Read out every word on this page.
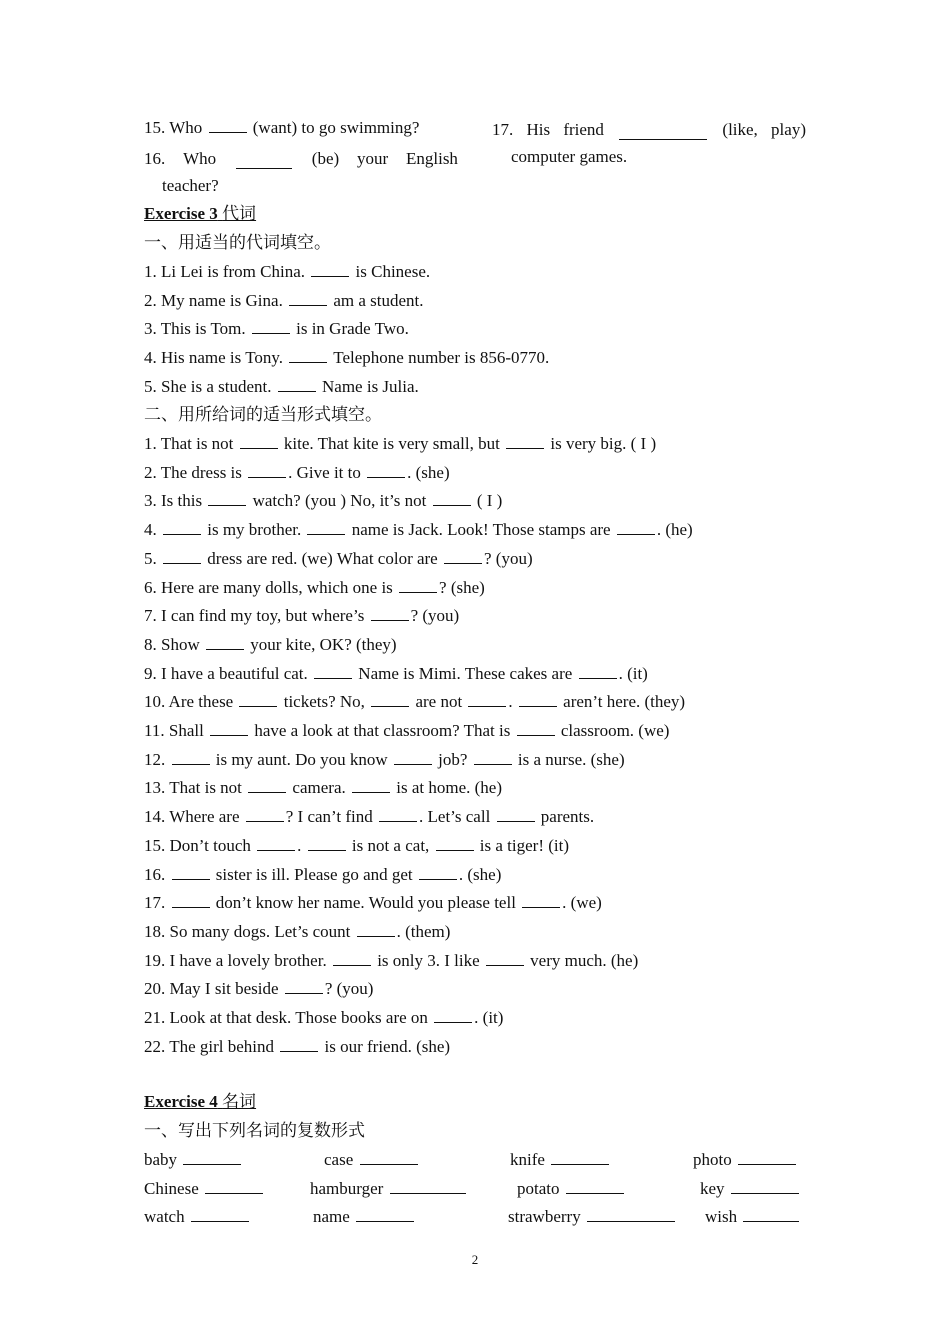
15. Who	(want) to go swimming?
16. Who	(be) your English
teacher?
17. His friend	(like, play)
computer games.
Exercise 3 代词
一、用适当的代词填空。
1. Li Lei is from China.	is Chinese.
2. My name is Gina.	am a student.
3. This is Tom.	is in Grade Two.
4. His name is Tony.	Telephone number is 856-0770.
5. She is a student.	Name is Julia.
二、用所给词的适当形式填空。
1. That is not	kite. That kite is very small, but	is very big. ( I )
2. The dress is	. Give it to	. (she)
3. Is this	watch? (you ) No, it’s not	( I )
4.	is my brother.	name is Jack. Look! Those stamps are	. (he)
5.	dress are red. (we) What color are	? (you)
6. Here are many dolls, which one is	? (she)
7. I can find my toy, but where’s	? (you)
8. Show	your kite, OK? (they)
9. I have a beautiful cat.	Name is Mimi. These cakes are	. (it)
10. Are these	tickets? No,	are not	.	aren’t here. (they)
11. Shall	have a look at that classroom? That is	classroom. (we)
12.	is my aunt. Do you know	job?	is a nurse. (she)
13. That is not	camera.	is at home. (he)
14. Where are	? I can’t find	. Let’s call	parents.
15. Don’t touch	.	is not a cat,	is a tiger! (it)
16.	sister is ill. Please go and get	. (she)
17.	don’t know her name. Would you please tell	. (we)
18. So many dogs. Let’s count	. (them)
19. I have a lovely brother.	is only 3. I like	very much. (he)
20. May I sit beside	? (you)
21. Look at that desk. Those books are on	. (it)
22. The girl behind	is our friend. (she)
Exercise 4 名词
一、写出下列名词的复数形式
baby	case	knife	photo
Chinese	hamburger	potato	key
watch	name	strawberry	wish
2
